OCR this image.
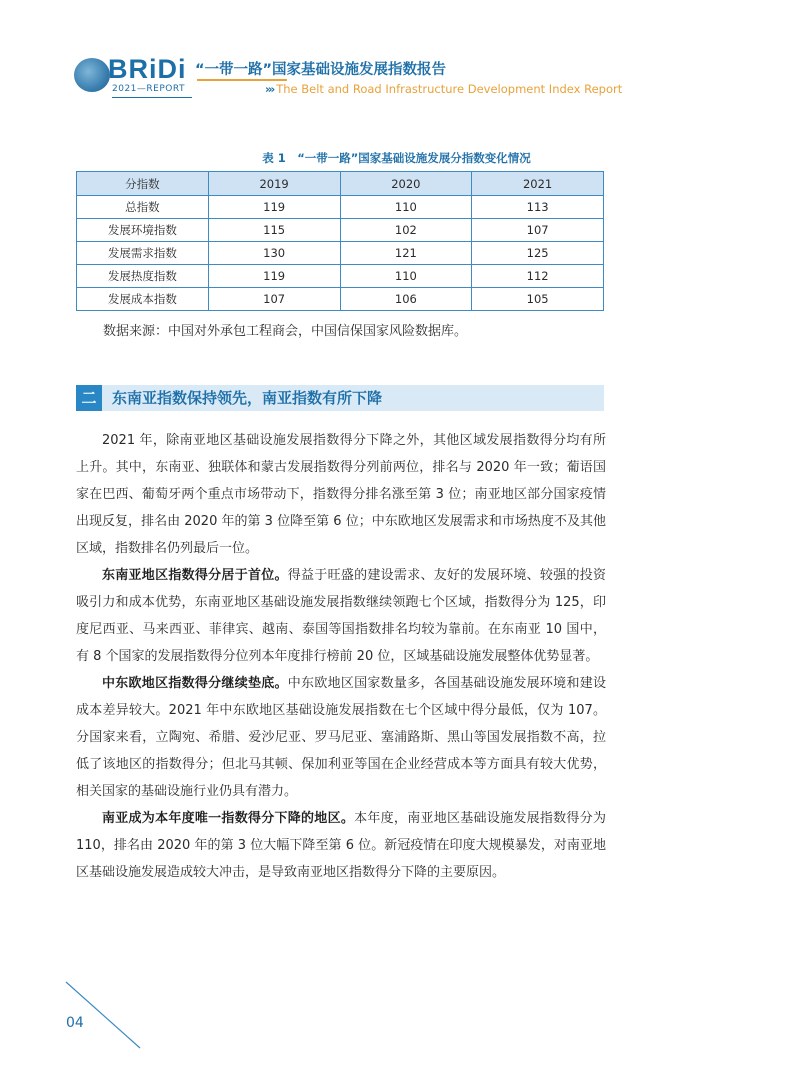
BRiDi
2021—REPORT
“一带一路”国家基础设施发展指数报告
››› The Belt and Road Infrastructure Development Index Report
表 1　“一带一路”国家基础设施发展分指数变化情况
分指数	2019	2020	2021
总指数	119	110	113
发展环境指数	115	102	107
发展需求指数	130	121	125
发展热度指数	119	110	112
发展成本指数	107	106	105
数据来源：中国对外承包工程商会，中国信保国家风险数据库。
二	东南亚指数保持领先，南亚指数有所下降

2021 年，除南亚地区基础设施发展指数得分下降之外，其他区域发展指数得分均有所上升。其中，东南亚、独联体和蒙古发展指数得分列前两位，排名与 2020 年一致；葡语国家在巴西、葡萄牙两个重点市场带动下，指数得分排名涨至第 3 位；南亚地区部分国家疫情出现反复，排名由 2020 年的第 3 位降至第 6 位；中东欧地区发展需求和市场热度不及其他区域，指数排名仍列最后一位。

东南亚地区指数得分居于首位。得益于旺盛的建设需求、友好的发展环境、较强的投资吸引力和成本优势，东南亚地区基础设施发展指数继续领跑七个区域，指数得分为 125，印度尼西亚、马来西亚、菲律宾、越南、泰国等国指数排名均较为靠前。在东南亚 10 国中，有 8 个国家的发展指数得分位列本年度排行榜前 20 位，区域基础设施发展整体优势显著。

中东欧地区指数得分继续垫底。中东欧地区国家数量多，各国基础设施发展环境和建设成本差异较大。2021 年中东欧地区基础设施发展指数在七个区域中得分最低，仅为 107。分国家来看，立陶宛、希腊、爱沙尼亚、罗马尼亚、塞浦路斯、黑山等国发展指数不高，拉低了该地区的指数得分；但北马其顿、保加利亚等国在企业经营成本等方面具有较大优势，相关国家的基础设施行业仍具有潜力。

南亚成为本年度唯一指数得分下降的地区。本年度，南亚地区基础设施发展指数得分为 110，排名由 2020 年的第 3 位大幅下降至第 6 位。新冠疫情在印度大规模暴发，对南亚地区基础设施发展造成较大冲击，是导致南亚地区指数得分下降的主要原因。

04
